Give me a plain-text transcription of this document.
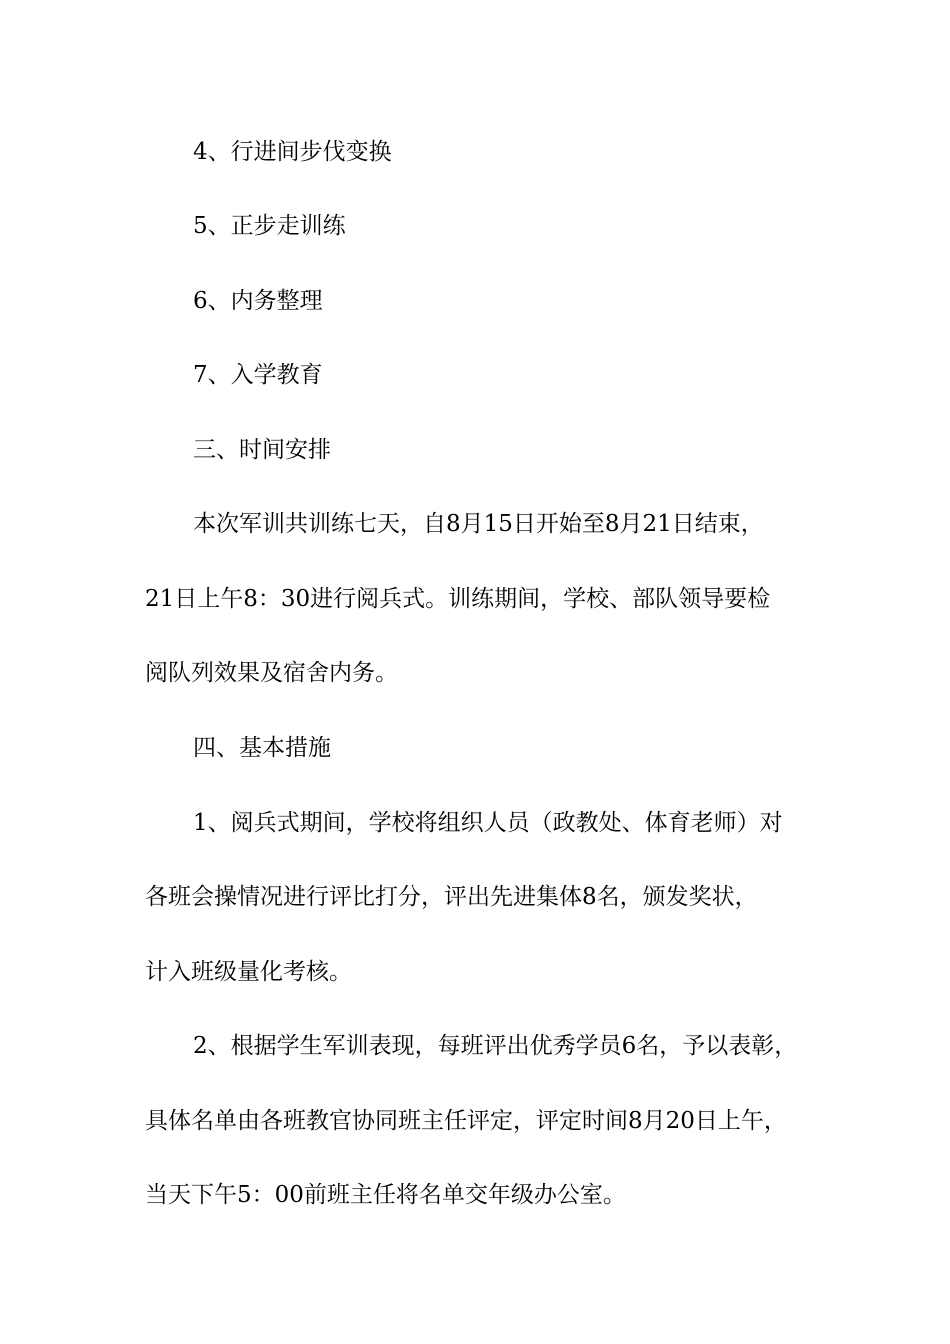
4、行进间步伐变换
5、正步走训练
6、内务整理
7、入学教育
三、时间安排
本次军训共训练七天，自8月15日开始至8月21日结束，
21日上午8：30进行阅兵式。训练期间，学校、部队领导要检
阅队列效果及宿舍内务。
四、基本措施
1、阅兵式期间，学校将组织人员（政教处、体育老师）对
各班会操情况进行评比打分，评出先进集体8名，颁发奖状，
计入班级量化考核。
2、根据学生军训表现，每班评出优秀学员6名，予以表彰，
具体名单由各班教官协同班主任评定，评定时间8月20日上午，
当天下午5：00前班主任将名单交年级办公室。
